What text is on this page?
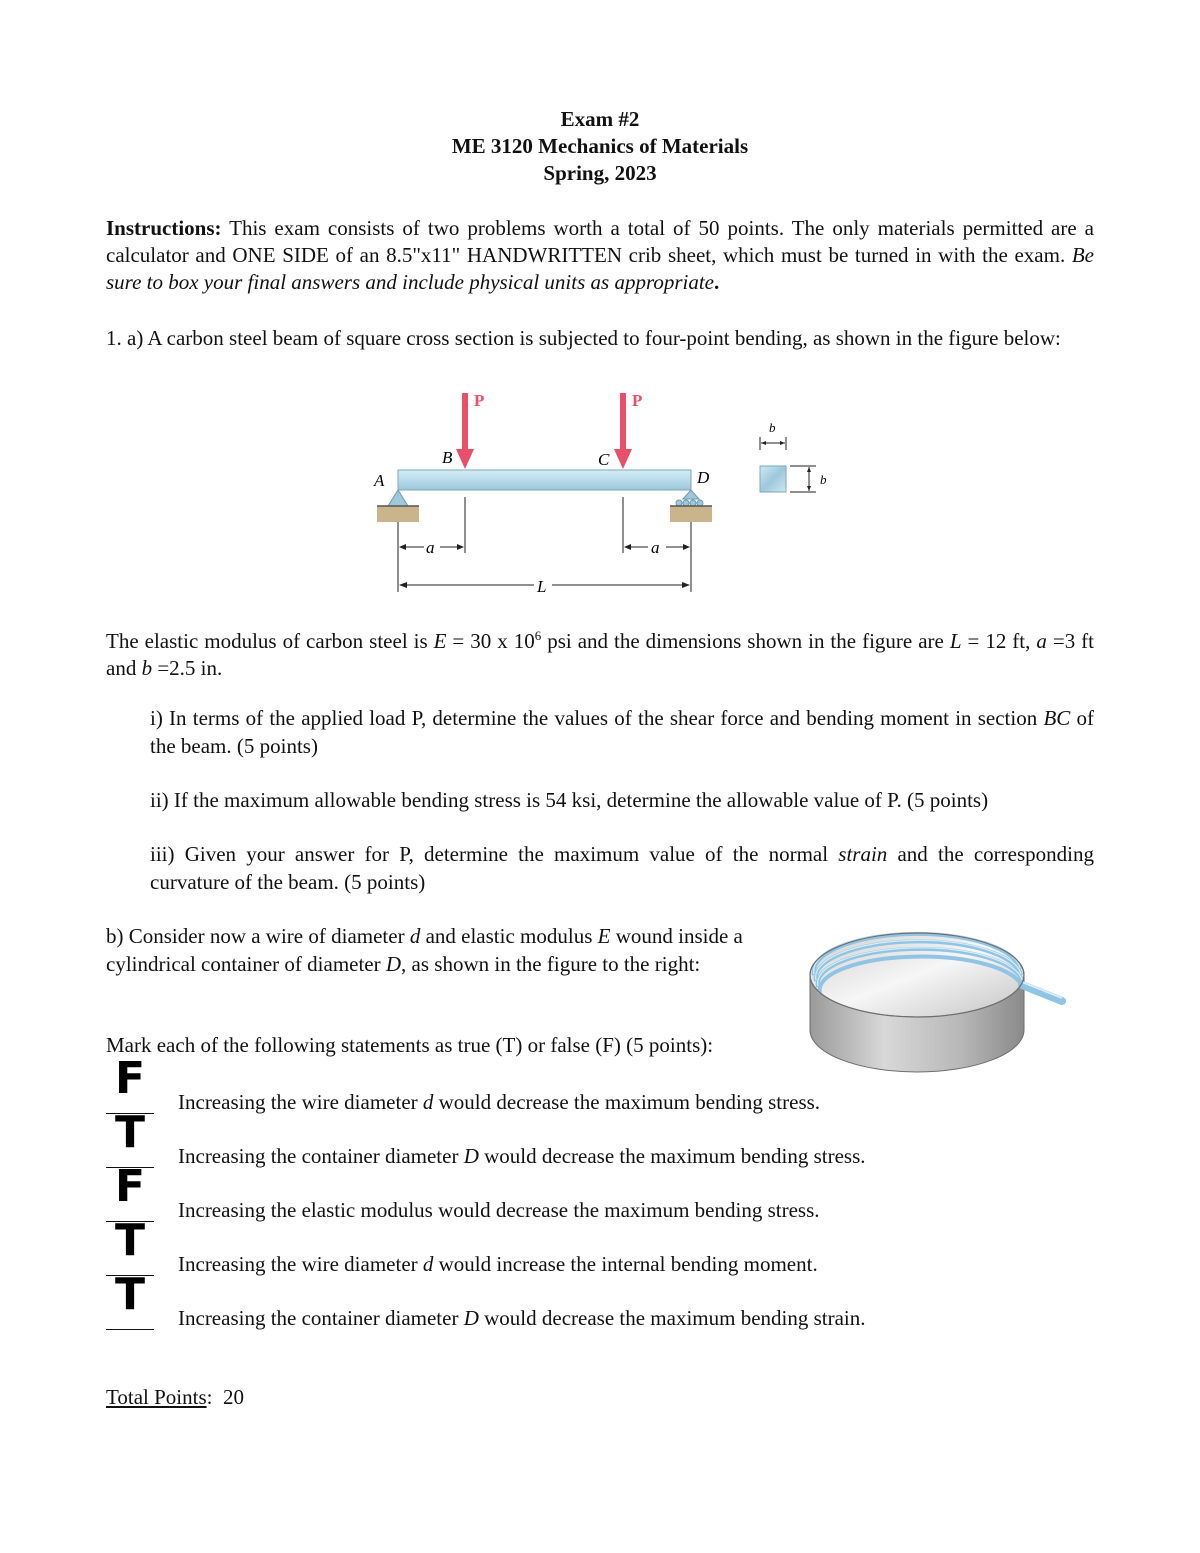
Exam #2
ME 3120 Mechanics of Materials
Spring, 2023
Instructions: This exam consists of two problems worth a total of 50 points. The only materials permitted are a calculator and ONE SIDE of an 8.5"x11" HANDWRITTEN crib sheet, which must be turned in with the exam. Be sure to box your final answers and include physical units as appropriate.
1. a) A carbon steel beam of square cross section is subjected to four-point bending, as shown in the figure below:
P	P
A
B	C
D
a	a
L
b
b
The elastic modulus of carbon steel is E = 30 x $10^6$ psi and the dimensions shown in the figure are L = 12 ft, a =3 ft and b =2.5 in.
i) In terms of the applied load P, determine the values of the shear force and bending moment in section BC of the beam. (5 points)
ii) If the maximum allowable bending stress is 54 ksi, determine the allowable value of P. (5 points)
iii) Given your answer for P, determine the maximum value of the normal strain and the corresponding curvature of the beam. (5 points)
b) Consider now a wire of diameter d and elastic modulus E wound inside a cylindrical container of diameter D, as shown in the figure to the right:
Mark each of the following statements as true (T) or false (F) (5 points):
F	Increasing the wire diameter d would decrease the maximum bending stress.
T	Increasing the container diameter D would decrease the maximum bending stress.
F	Increasing the elastic modulus would decrease the maximum bending stress.
T	Increasing the wire diameter d would increase the internal bending moment.
T	Increasing the container diameter D would decrease the maximum bending strain.
Total Points:  20
